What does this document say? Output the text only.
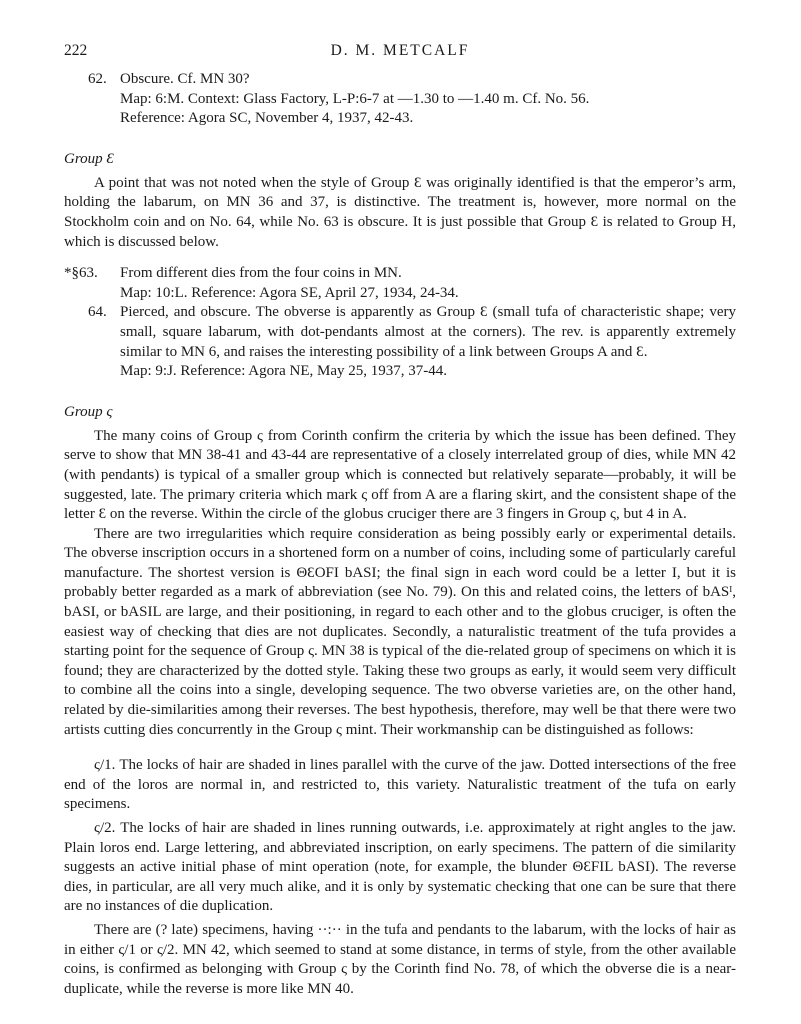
222	D. M. METCALF
62. Obscure. Cf. MN 30?

Map: 6:M. Context: Glass Factory, L-P:6-7 at —1.30 to —1.40 m. Cf. No. 56.

Reference: Agora SC, November 4, 1937, 42-43.

Group Ɛ

A point that was not noted when the style of Group Ɛ was originally identified is that the emperor’s arm, holding the labarum, on MN 36 and 37, is distinctive. The treatment is, however, more normal on the Stockholm coin and on No. 64, while No. 63 is obscure. It is just possible that Group Ɛ is related to Group H, which is discussed below.

*§63. From different dies from the four coins in MN.

Map: 10:L. Reference: Agora SE, April 27, 1934, 24-34.

64. Pierced, and obscure. The obverse is apparently as Group Ɛ (small tufa of characteristic shape; very small, square labarum, with dot-pendants almost at the corners). The rev. is apparently extremely similar to MN 6, and raises the interesting possibility of a link between Groups A and Ɛ.

Map: 9:J. Reference: Agora NE, May 25, 1937, 37-44.

Group ς

The many coins of Group ς from Corinth confirm the criteria by which the issue has been defined. They serve to show that MN 38-41 and 43-44 are representative of a closely interrelated group of dies, while MN 42 (with pendants) is typical of a smaller group which is connected but relatively separate—probably, it will be suggested, late. The primary criteria which mark ς off from A are a flaring skirt, and the consistent shape of the letter Ɛ on the reverse. Within the circle of the globus cruciger there are 3 fingers in Group ς, but 4 in A.

There are two irregularities which require consideration as being possibly early or experimental details. The obverse inscription occurs in a shortened form on a number of coins, including some of particularly careful manufacture. The shortest version is ΘƐOFI bASI; the final sign in each word could be a letter I, but it is probably better regarded as a mark of abbreviation (see No. 79). On this and related coins, the letters of bASᴵ, bASI, or bASIL are large, and their positioning, in regard to each other and to the globus cruciger, is often the easiest way of checking that dies are not duplicates. Secondly, a naturalistic treatment of the tufa provides a starting point for the sequence of Group ς. MN 38 is typical of the die-related group of specimens on which it is found; they are characterized by the dotted style. Taking these two groups as early, it would seem very difficult to combine all the coins into a single, developing sequence. The two obverse varieties are, on the other hand, related by die-similarities among their reverses. The best hypothesis, therefore, may well be that there were two artists cutting dies concurrently in the Group ς mint. Their workmanship can be distinguished as follows:

ς/1. The locks of hair are shaded in lines parallel with the curve of the jaw. Dotted intersections of the free end of the loros are normal in, and restricted to, this variety. Naturalistic treatment of the tufa on early specimens.

ς/2. The locks of hair are shaded in lines running outwards, i.e. approximately at right angles to the jaw. Plain loros end. Large lettering, and abbreviated inscription, on early specimens. The pattern of die similarity suggests an active initial phase of mint operation (note, for example, the blunder ΘƐFIL bASI). The reverse dies, in particular, are all very much alike, and it is only by systematic checking that one can be sure that there are no instances of die duplication.

There are (? late) specimens, having ··:·· in the tufa and pendants to the labarum, with the locks of hair as in either ς/1 or ς/2. MN 42, which seemed to stand at some distance, in terms of style, from the other available coins, is confirmed as belonging with Group ς by the Corinth find No. 78, of which the obverse die is a near-duplicate, while the reverse is more like MN 40.
